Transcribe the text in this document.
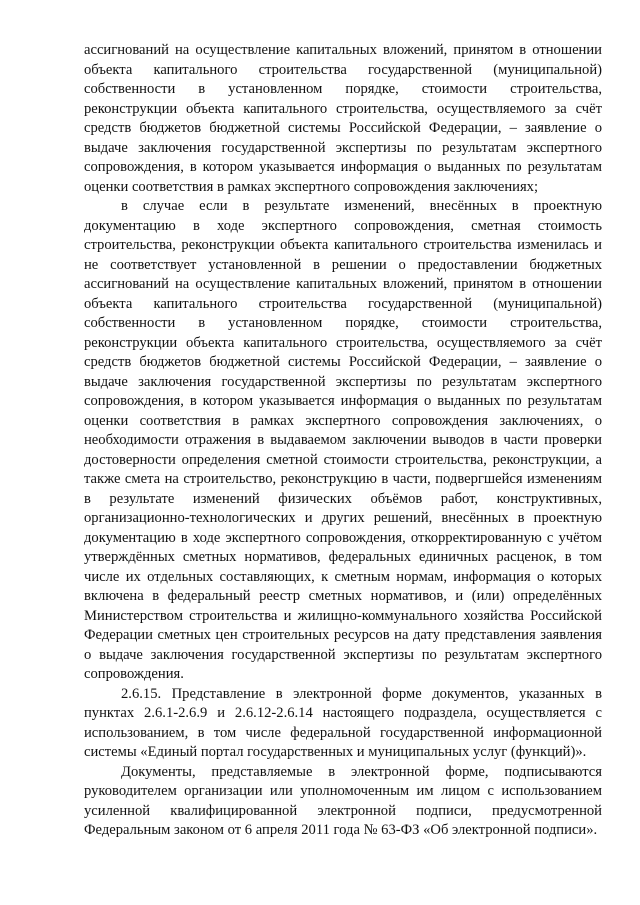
ассигнований на осуществление капитальных вложений, принятом в отношении объекта капитального строительства государственной (муниципальной) собственности в установленном порядке, стоимости строительства, реконструкции объекта капитального строительства, осуществляемого за счёт средств бюджетов бюджетной системы Российской Федерации, – заявление о выдаче заключения государственной экспертизы по результатам экспертного сопровождения, в котором указывается информация о выданных по результатам оценки соответствия в рамках экспертного сопровождения заключениях;

в случае если в результате изменений, внесённых в проектную документацию в ходе экспертного сопровождения, сметная стоимость строительства, реконструкции объекта капитального строительства изменилась и не соответствует установленной в решении о предоставлении бюджетных ассигнований на осуществление капитальных вложений, принятом в отношении объекта капитального строительства государственной (муниципальной) собственности в установленном порядке, стоимости строительства, реконструкции объекта капитального строительства, осуществляемого за счёт средств бюджетов бюджетной системы Российской Федерации, – заявление о выдаче заключения государственной экспертизы по результатам экспертного сопровождения, в котором указывается информация о выданных по результатам оценки соответствия в рамках экспертного сопровождения заключениях, о необходимости отражения в выдаваемом заключении выводов в части проверки достоверности определения сметной стоимости строительства, реконструкции, а также смета на строительство, реконструкцию в части, подвергшейся изменениям в результате изменений физических объёмов работ, конструктивных, организационно-технологических и других решений, внесённых в проектную документацию в ходе экспертного сопровождения, откорректированную с учётом утверждённых сметных нормативов, федеральных единичных расценок, в том числе их отдельных составляющих, к сметным нормам, информация о которых включена в федеральный реестр сметных нормативов, и (или) определённых Министерством строительства и жилищно-коммунального хозяйства Российской Федерации сметных цен строительных ресурсов на дату представления заявления о выдаче заключения государственной экспертизы по результатам экспертного сопровождения.

2.6.15. Представление в электронной форме документов, указанных в пунктах 2.6.1-2.6.9 и 2.6.12-2.6.14 настоящего подраздела, осуществляется с использованием, в том числе федеральной государственной информационной системы «Единый портал государственных и муниципальных услуг (функций)».

Документы, представляемые в электронной форме, подписываются руководителем организации или уполномоченным им лицом с использованием усиленной квалифицированной электронной подписи, предусмотренной Федеральным законом от 6 апреля 2011 года № 63-ФЗ «Об электронной подписи».
